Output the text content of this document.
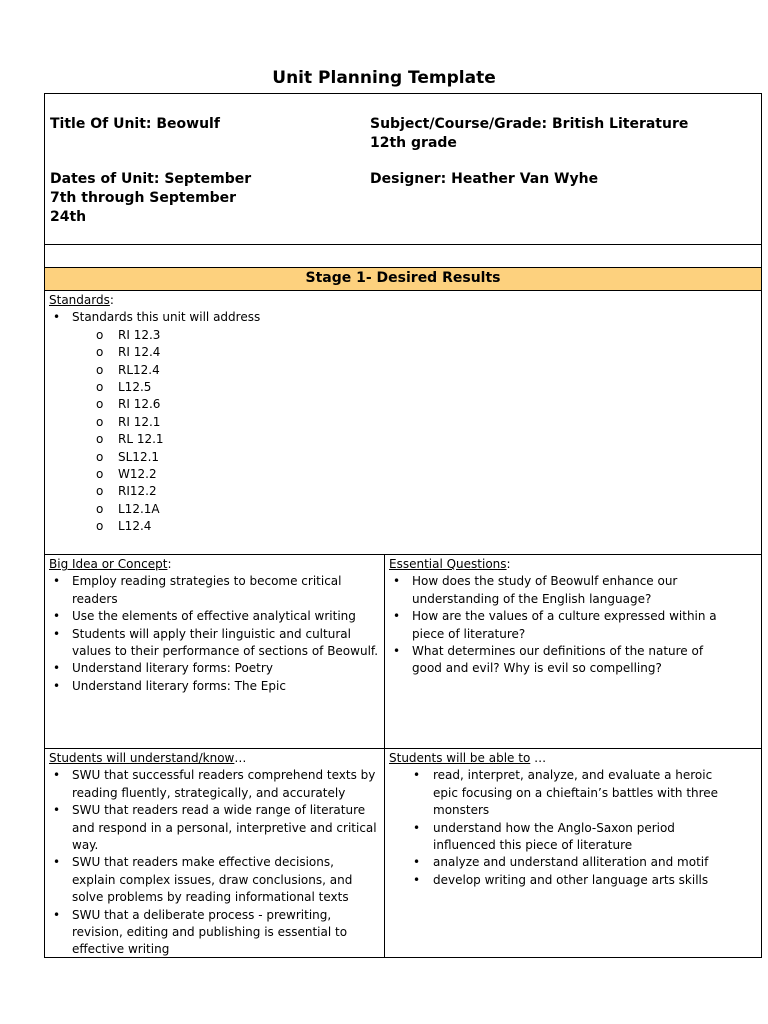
Unit Planning Template
Title Of Unit: Beowulf	Subject/Course/Grade: British Literature
12th grade
Dates of Unit: September
7th through September
24th
Designer: Heather Van Wyhe
Stage 1- Desired Results
Standards:
• Standards this unit will address
o RI 12.3
o RI 12.4
o RL12.4
o L12.5
o RI 12.6
o RI 12.1
o RL 12.1
o SL12.1
o W12.2
o RI12.2
o L12.1A
o L12.4
Big Idea or Concept:
• Employ reading strategies to become critical readers
• Use the elements of effective analytical writing
• Students will apply their linguistic and cultural values to their performance of sections of Beowulf.
• Understand literary forms: Poetry
• Understand literary forms: The Epic
Essential Questions:
• How does the study of Beowulf enhance our understanding of the English language?
• How are the values of a culture expressed within a piece of literature?
• What determines our definitions of the nature of good and evil? Why is evil so compelling?
Students will understand/know…
• SWU that successful readers comprehend texts by reading fluently, strategically, and accurately
• SWU that readers read a wide range of literature and respond in a personal, interpretive and critical way.
• SWU that readers make effective decisions, explain complex issues, draw conclusions, and solve problems by reading informational texts
• SWU that a deliberate process - prewriting, revision, editing and publishing is essential to effective writing
Students will be able to …
• read, interpret, analyze, and evaluate a heroic epic focusing on a chieftain’s battles with three monsters
• understand how the Anglo-Saxon period influenced this piece of literature
• analyze and understand alliteration and motif
• develop writing and other language arts skills
